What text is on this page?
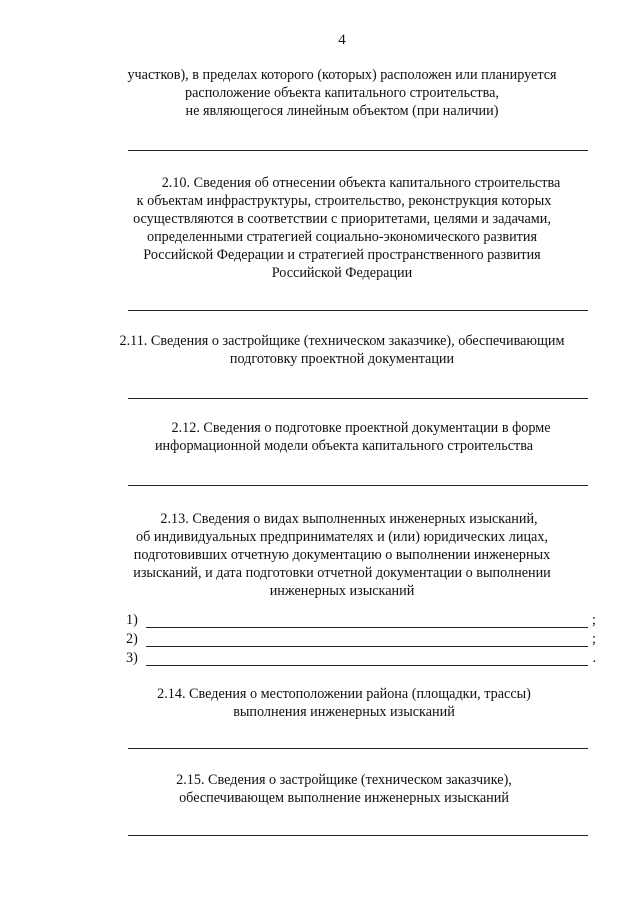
4
участков), в пределах которого (которых) расположен или планируется
расположение объекта капитального строительства,
не являющегося линейным объектом (при наличии)
2.10. Сведения об отнесении объекта капитального строительства
к объектам инфраструктуры, строительство, реконструкция которых
осуществляются в соответствии с приоритетами, целями и задачами,
определенными стратегией социально-экономического развития
Российской Федерации и стратегией пространственного развития
Российской Федерации
2.11. Сведения о застройщике (техническом заказчике), обеспечивающим
подготовку проектной документации
2.12. Сведения о подготовке проектной документации в форме
информационной модели объекта капитального строительства
2.13. Сведения о видах выполненных инженерных изысканий,
об индивидуальных предпринимателях и (или) юридических лицах,
подготовивших отчетную документацию о выполнении инженерных
изысканий, и дата подготовки отчетной документации о выполнении
инженерных изысканий
1)	;
2)	;
3)	.
2.14. Сведения о местоположении района (площадки, трассы)
выполнения инженерных изысканий
2.15. Сведения о застройщике (техническом заказчике),
обеспечивающем выполнение инженерных изысканий
